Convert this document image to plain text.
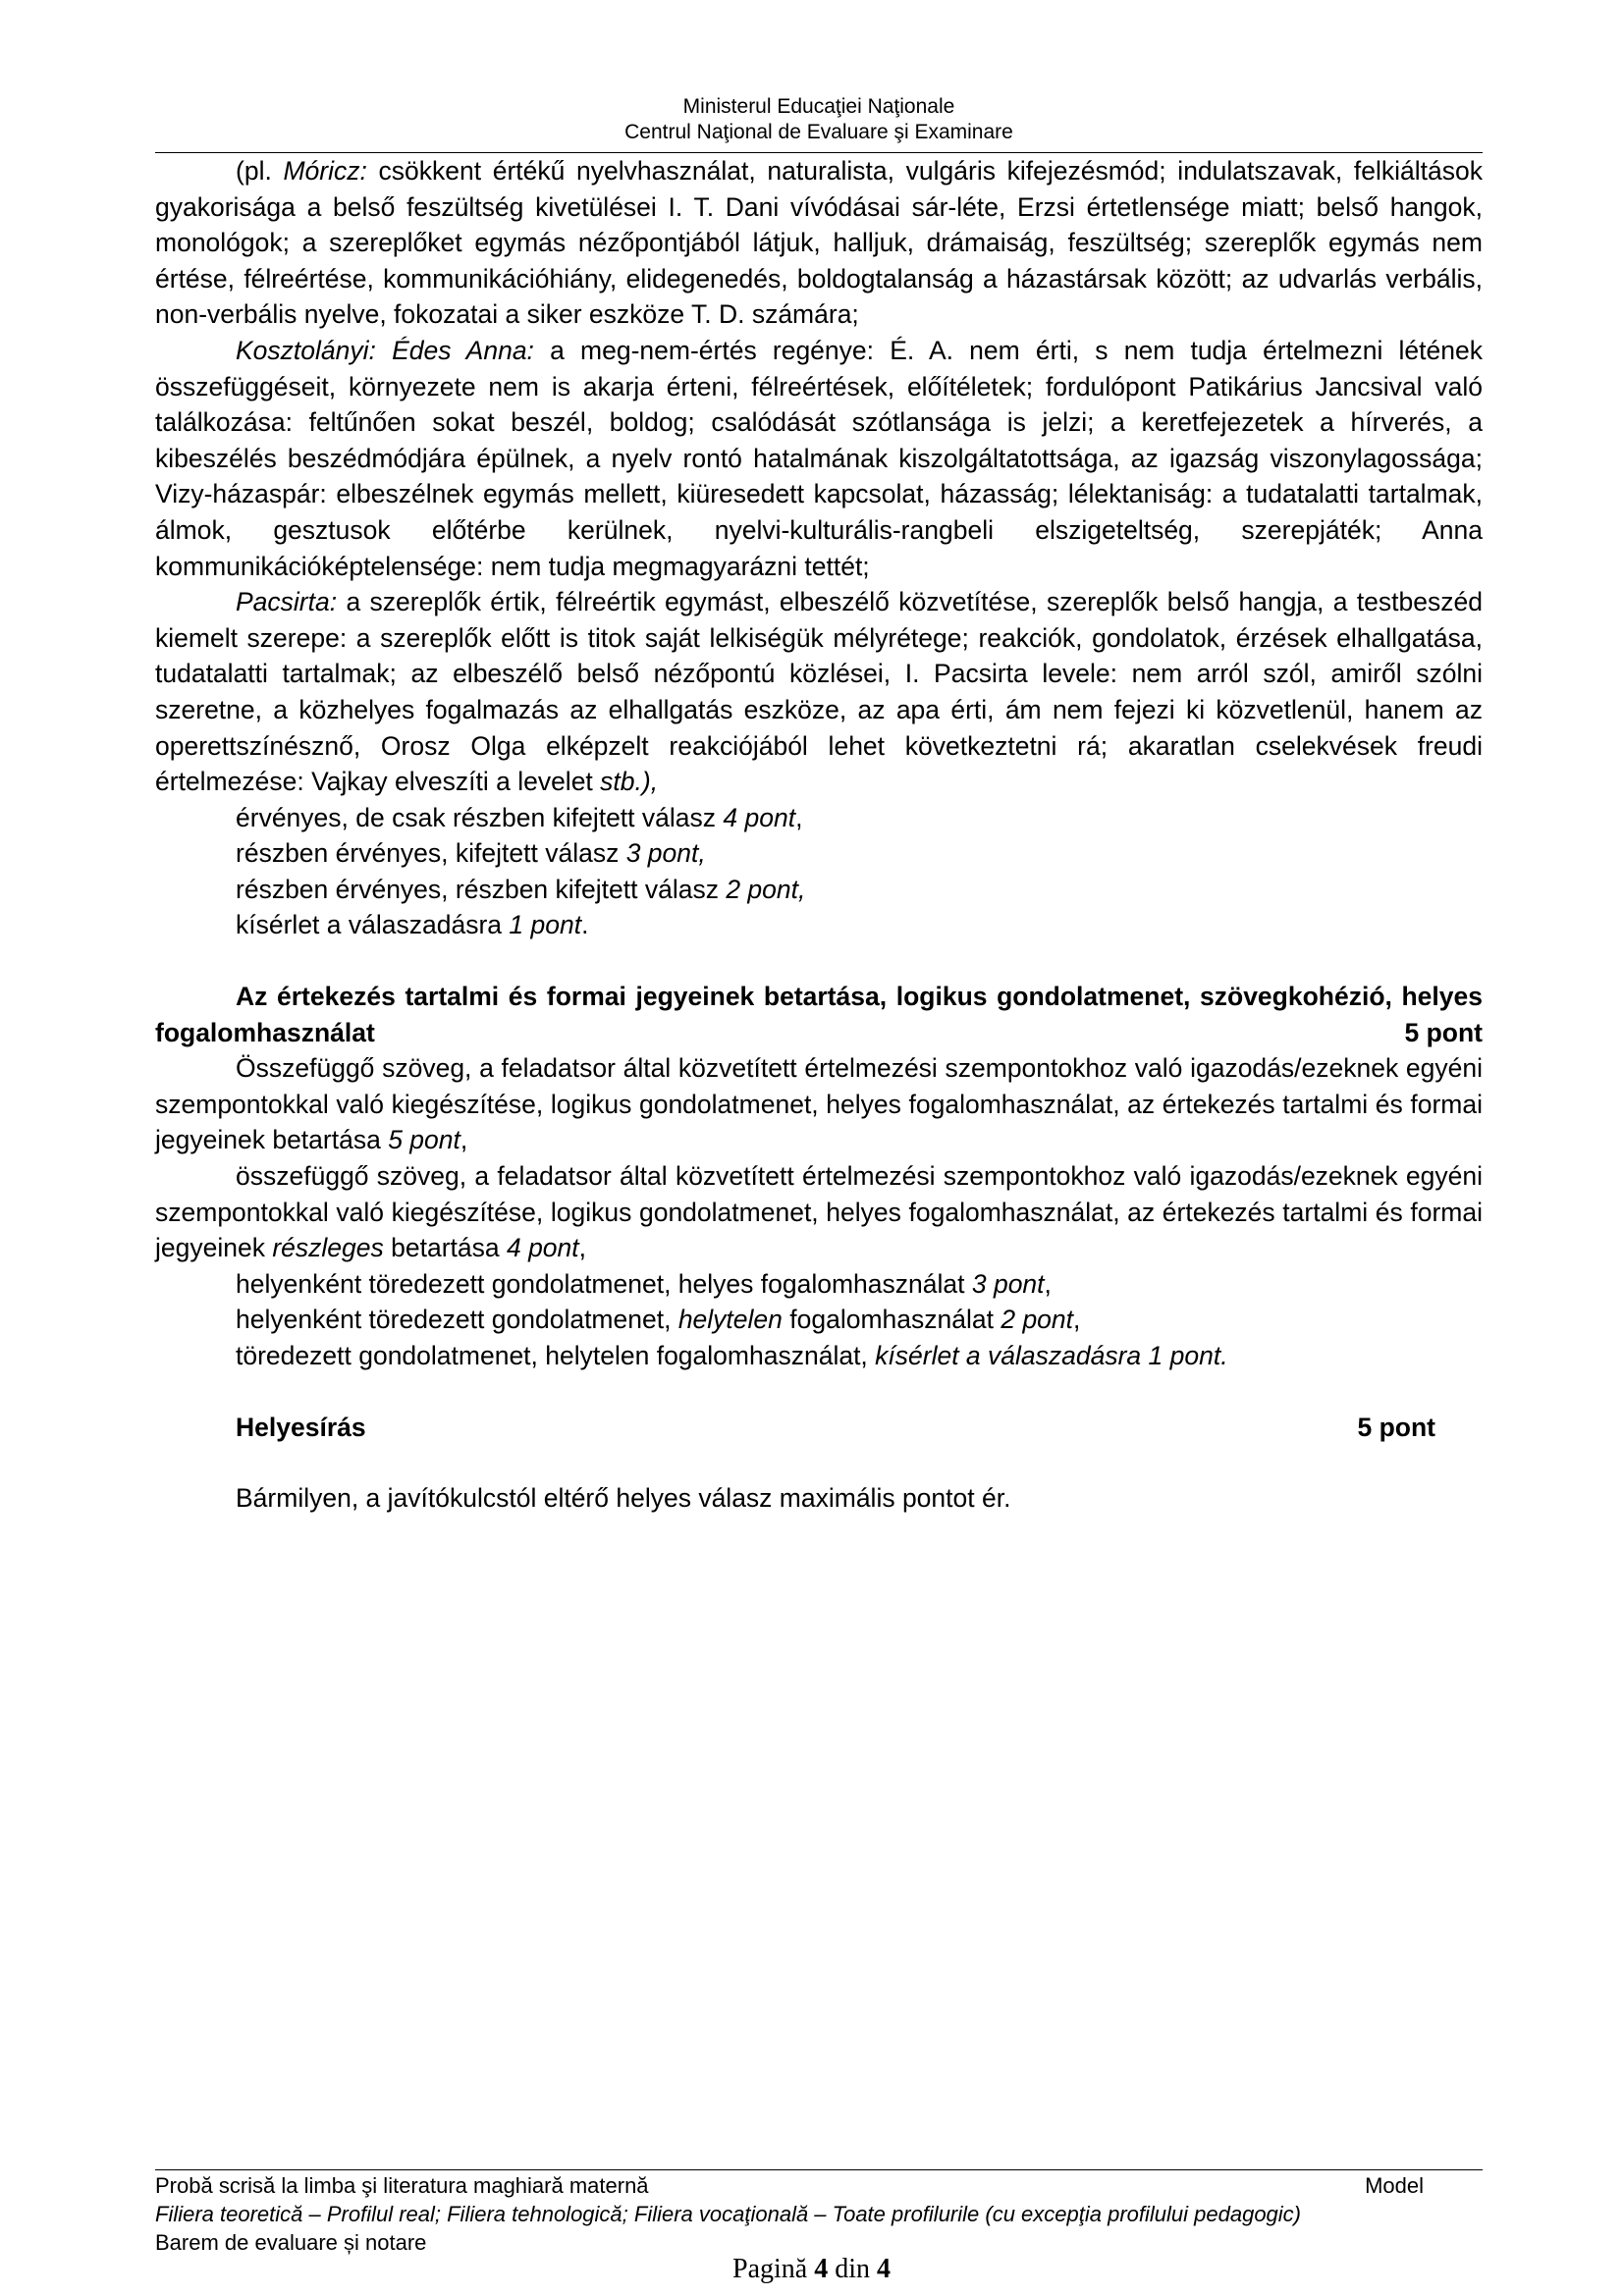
Ministerul Educaţiei Naţionale
Centrul Naţional de Evaluare şi Examinare

(pl. Móricz: csökkent értékű nyelvhasználat, naturalista, vulgáris kifejezésmód; indulatszavak, felkiáltások gyakorisága a belső feszültség kivetülései I. T. Dani vívódásai sár-léte, Erzsi értetlensége miatt; belső hangok, monológok; a szereplőket egymás nézőpontjából látjuk, halljuk, drámaiság, feszültség; szereplők egymás nem értése, félreértése, kommunikációhiány, elidegenedés, boldogtalanság a házastársak között; az udvarlás verbális, non-verbális nyelve, fokozatai a siker eszköze T. D. számára;

Kosztolányi: Édes Anna: a meg-nem-értés regénye: É. A. nem érti, s nem tudja értelmezni létének összefüggéseit, környezete nem is akarja érteni, félreértések, előítéletek; fordulópont Patikárius Jancsival való találkozása: feltűnően sokat beszél, boldog; csalódását szótlansága is jelzi; a keretfejezetek a hírverés, a kibeszélés beszédmódjára épülnek, a nyelv rontó hatalmának kiszolgáltatottsága, az igazság viszonylagossága; Vizy-házaspár: elbeszélnek egymás mellett, kiüresedett kapcsolat, házasság; lélektaniság: a tudatalatti tartalmak, álmok, gesztusok előtérbe kerülnek, nyelvi-kulturális-rangbeli elszigeteltség, szerepjáték; Anna kommunikációképtelensége: nem tudja megmagyarázni tettét;

Pacsirta: a szereplők értik, félreértik egymást, elbeszélő közvetítése, szereplők belső hangja, a testbeszéd kiemelt szerepe: a szereplők előtt is titok saját lelkiségük mélyrétege; reakciók, gondolatok, érzések elhallgatása, tudatalatti tartalmak; az elbeszélő belső nézőpontú közlései, I. Pacsirta levele: nem arról szól, amiről szólni szeretne, a közhelyes fogalmazás az elhallgatás eszköze, az apa érti, ám nem fejezi ki közvetlenül, hanem az operettszínésznő, Orosz Olga elképzelt reakciójából lehet következtetni rá; akaratlan cselekvések freudi értelmezése: Vajkay elveszíti a levelet stb.),

érvényes, de csak részben kifejtett válasz 4 pont,

részben érvényes, kifejtett válasz 3 pont,

részben érvényes, részben kifejtett válasz 2 pont,

kísérlet a válaszadásra 1 pont.

Az értekezés tartalmi és formai jegyeinek betartása, logikus gondolatmenet, szövegkohézió, helyes fogalomhasználat	5 pont

Összefüggő szöveg, a feladatsor által közvetített értelmezési szempontokhoz való igazodás/ezeknek egyéni szempontokkal való kiegészítése, logikus gondolatmenet, helyes fogalomhasználat, az értekezés tartalmi és formai jegyeinek betartása 5 pont,

összefüggő szöveg, a feladatsor által közvetített értelmezési szempontokhoz való igazodás/ezeknek egyéni szempontokkal való kiegészítése, logikus gondolatmenet, helyes fogalomhasználat, az értekezés tartalmi és formai jegyeinek részleges betartása 4 pont,

helyenként töredezett gondolatmenet, helyes fogalomhasználat 3 pont,

helyenként töredezett gondolatmenet, helytelen fogalomhasználat 2 pont,

töredezett gondolatmenet, helytelen fogalomhasználat, kísérlet a válaszadásra 1 pont.

Helyesírás	5 pont

Bármilyen, a javítókulcstól eltérő helyes válasz maximális pontot ér.

Probă scrisă la limba şi literatura maghiară maternă	Model
Filiera teoretică – Profilul real; Filiera tehnologică; Filiera vocaţională – Toate profilurile (cu excepţia profilului pedagogic)
Barem de evaluare și notare
Pagină 4 din 4
